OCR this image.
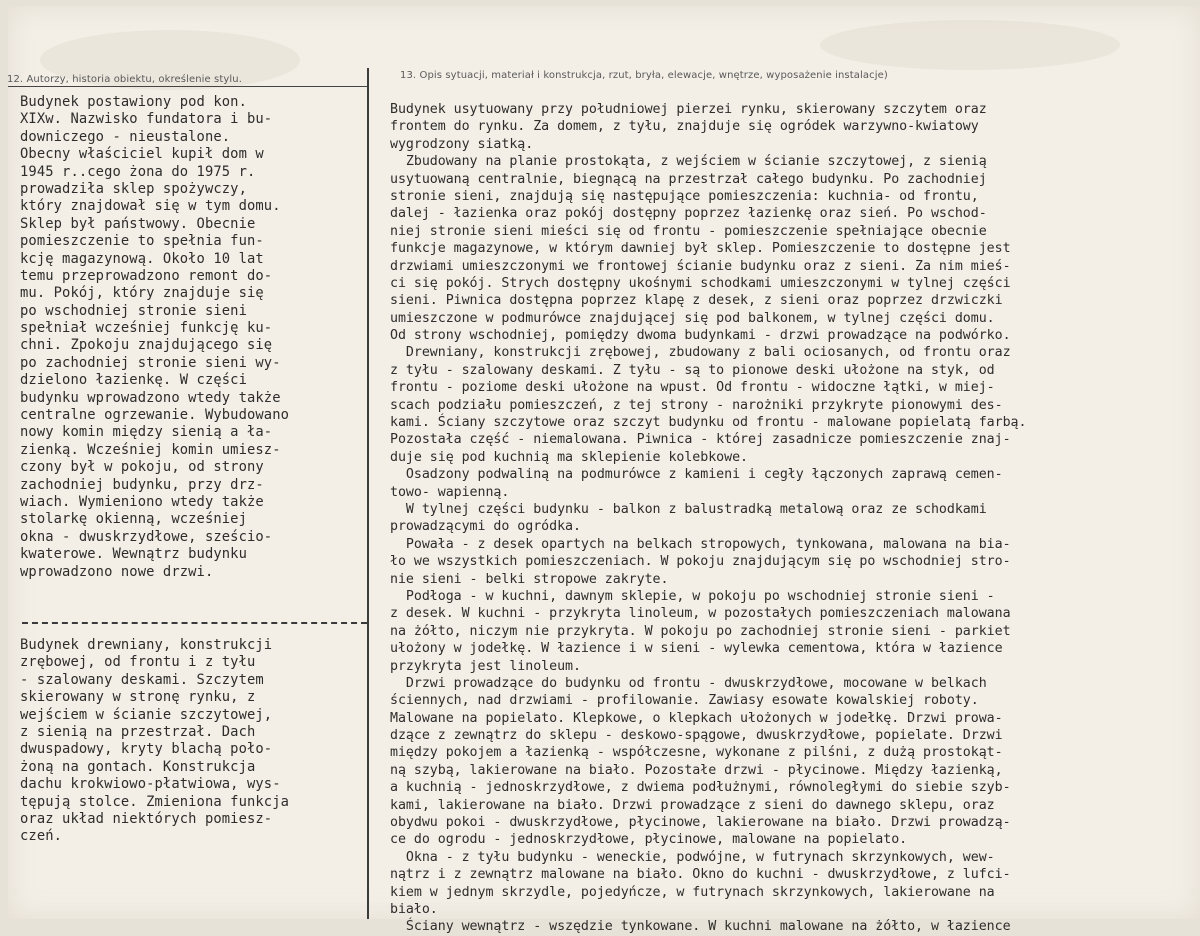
12. Autorzy, historia obiektu, określenie stylu.	13. Opis sytuacji, materiał i konstrukcja, rzut, bryła, elewacje, wnętrze, wyposażenie instalacje)
Budynek postawiony pod kon.
XIXw. Nazwisko fundatora i bu-
downiczego - nieustalone.
Obecny właściciel kupił dom w
1945 r..cego żona do 1975 r.
prowadziła sklep spożywczy,
który znajdował się w tym domu.
Sklep był państwowy. Obecnie
pomieszczenie to spełnia fun-
kcję magazynową. Około 10 lat
temu przeprowadzono remont do-
mu. Pokój, który znajduje się
po wschodniej stronie sieni
spełniał wcześniej funkcję ku-
chni. Zpokoju znajdującego się
po zachodniej stronie sieni wy-
dzielono łazienkę. W części
budynku wprowadzono wtedy także
centralne ogrzewanie. Wybudowano
nowy komin między sienią a ła-
zienką. Wcześniej komin umiesz-
czony był w pokoju, od strony
zachodniej budynku, przy drz-
wiach. Wymieniono wtedy także
stolarkę okienną, wcześniej
okna - dwuskrzydłowe, sześcio-
kwaterowe. Wewnątrz budynku
wprowadzono nowe drzwi.
Budynek drewniany, konstrukcji
zrębowej, od frontu i z tyłu
- szalowany deskami. Szczytem
skierowany w stronę rynku, z
wejściem w ścianie szczytowej,
z sienią na przestrzał. Dach
dwuspadowy, kryty blachą poło-
żoną na gontach. Konstrukcja
dachu krokwiowo-płatwiowa, wys-
tępują stolce. Zmieniona funkcja
oraz układ niektórych pomiesz-
czeń.
Budynek usytuowany przy południowej pierzei rynku, skierowany szczytem oraz
frontem do rynku. Za domem, z tyłu, znajduje się ogródek warzywno-kwiatowy
wygrodzony siatką.
Zbudowany na planie prostokąta, z wejściem w ścianie szczytowej, z sienią
usytuowaną centralnie, biegnącą na przestrzał całego budynku. Po zachodniej
stronie sieni, znajdują się następujące pomieszczenia: kuchnia- od frontu,
dalej - łazienka oraz pokój dostępny poprzez łazienkę oraz sień. Po wschod-
niej stronie sieni mieści się od frontu - pomieszczenie spełniające obecnie
funkcje magazynowe, w którym dawniej był sklep. Pomieszczenie to dostępne jest
drzwiami umieszczonymi we frontowej ścianie budynku oraz z sieni. Za nim mieś-
ci się pokój. Strych dostępny ukośnymi schodkami umieszczonymi w tylnej części
sieni. Piwnica dostępna poprzez klapę z desek, z sieni oraz poprzez drzwiczki
umieszczone w podmurówce znajdującej się pod balkonem, w tylnej części domu.
Od strony wschodniej, pomiędzy dwoma budynkami - drzwi prowadzące na podwórko.
Drewniany, konstrukcji zrębowej, zbudowany z bali ociosanych, od frontu oraz
z tyłu - szalowany deskami. Z tyłu - są to pionowe deski ułożone na styk, od
frontu - poziome deski ułożone na wpust. Od frontu - widoczne łątki, w miej-
scach podziału pomieszczeń, z tej strony - narożniki przykryte pionowymi des-
kami. Ściany szczytowe oraz szczyt budynku od frontu - malowane popielatą farbą.
Pozostała część - niemalowana. Piwnica - której zasadnicze pomieszczenie znaj-
duje się pod kuchnią ma sklepienie kolebkowe.
Osadzony podwaliną na podmurówce z kamieni i cegły łączonych zaprawą cemen-
towo- wapienną.
W tylnej części budynku - balkon z balustradką metalową oraz ze schodkami
prowadzącymi do ogródka.
Powała - z desek opartych na belkach stropowych, tynkowana, malowana na bia-
ło we wszystkich pomieszczeniach. W pokoju znajdującym się po wschodniej stro-
nie sieni - belki stropowe zakryte.
Podłoga - w kuchni, dawnym sklepie, w pokoju po wschodniej stronie sieni -
z desek. W kuchni - przykryta linoleum, w pozostałych pomieszczeniach malowana
na żółto, niczym nie przykryta. W pokoju po zachodniej stronie sieni - parkiet
ułożony w jodełkę. W łazience i w sieni - wylewka cementowa, która w łazience
przykryta jest linoleum.
Drzwi prowadzące do budynku od frontu - dwuskrzydłowe, mocowane w belkach
ściennych, nad drzwiami - profilowanie. Zawiasy esowate kowalskiej roboty.
Malowane na popielato. Klepkowe, o klepkach ułożonych w jodełkę. Drzwi prowa-
dzące z zewnątrz do sklepu - deskowo-spągowe, dwuskrzydłowe, popielate. Drzwi
między pokojem a łazienką - współczesne, wykonane z pilśni, z dużą prostokąt-
ną szybą, lakierowane na biało. Pozostałe drzwi - płycinowe. Między łazienką,
a kuchnią - jednoskrzydłowe, z dwiema podłużnymi, równoległymi do siebie szyb-
kami, lakierowane na biało. Drzwi prowadzące z sieni do dawnego sklepu, oraz
obydwu pokoi - dwuskrzydłowe, płycinowe, lakierowane na biało. Drzwi prowadzą-
ce do ogrodu - jednoskrzydłowe, płycinowe, malowane na popielato.
Okna - z tyłu budynku - weneckie, podwójne, w futrynach skrzynkowych, wew-
nątrz i z zewnątrz malowane na biało. Okno do kuchni - dwuskrzydłowe, z lufci-
kiem w jednym skrzydle, pojedyńcze, w futrynach skrzynkowych, lakierowane na
biało.
Ściany wewnątrz - wszędzie tynkowane. W kuchni malowane na żółto, w łazience
